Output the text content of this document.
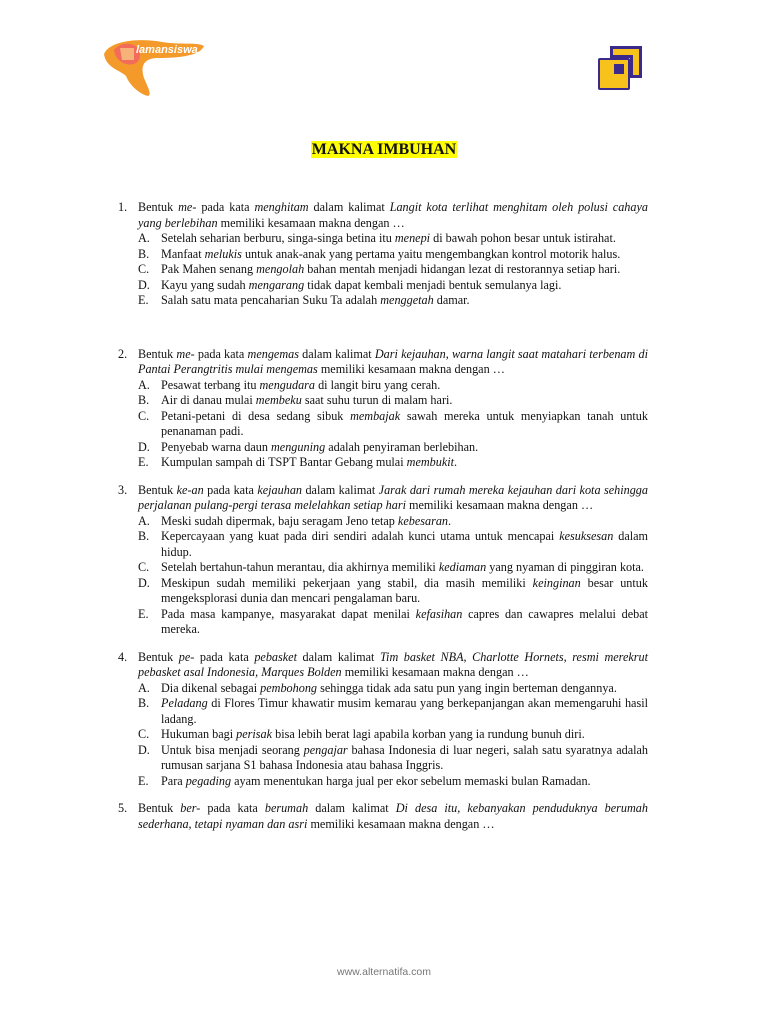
lamansiswa
MAKNA IMBUHAN
1. Bentuk me- pada kata menghitam dalam kalimat Langit kota terlihat menghitam oleh polusi cahaya yang berlebihan memiliki kesamaan makna dengan …

A. Setelah seharian berburu, singa-singa betina itu menepi di bawah pohon besar untuk istirahat.
B. Manfaat melukis untuk anak-anak yang pertama yaitu mengembangkan kontrol motorik halus.
C. Pak Mahen senang mengolah bahan mentah menjadi hidangan lezat di restorannya setiap hari.
D. Kayu yang sudah mengarang tidak dapat kembali menjadi bentuk semulanya lagi.
E. Salah satu mata pencaharian Suku Ta adalah menggetah damar.
2. Bentuk me- pada kata mengemas dalam kalimat Dari kejauhan, warna langit saat matahari terbenam di Pantai Perangtritis mulai mengemas memiliki kesamaan makna dengan …

A. Pesawat terbang itu mengudara di langit biru yang cerah.
B. Air di danau mulai membeku saat suhu turun di malam hari.
C. Petani-petani di desa sedang sibuk membajak sawah mereka untuk menyiapkan tanah untuk penanaman padi.
D. Penyebab warna daun menguning adalah penyiraman berlebihan.
E. Kumpulan sampah di TSPT Bantar Gebang mulai membukit.
3. Bentuk ke-an pada kata kejauhan dalam kalimat Jarak dari rumah mereka kejauhan dari kota sehingga perjalanan pulang-pergi terasa melelahkan setiap hari memiliki kesamaan makna dengan …

A. Meski sudah dipermak, baju seragam Jeno tetap kebesaran.
B. Kepercayaan yang kuat pada diri sendiri adalah kunci utama untuk mencapai kesuksesan dalam hidup.
C. Setelah bertahun-tahun merantau, dia akhirnya memiliki kediaman yang nyaman di pinggiran kota.
D. Meskipun sudah memiliki pekerjaan yang stabil, dia masih memiliki keinginan besar untuk mengeksplorasi dunia dan mencari pengalaman baru.
E. Pada masa kampanye, masyarakat dapat menilai kefasihan capres dan cawapres melalui debat mereka.
4. Bentuk pe- pada kata pebasket dalam kalimat Tim basket NBA, Charlotte Hornets, resmi merekrut pebasket asal Indonesia, Marques Bolden memiliki kesamaan makna dengan …

A. Dia dikenal sebagai pembohong sehingga tidak ada satu pun yang ingin berteman dengannya.
B. Peladang di Flores Timur khawatir musim kemarau yang berkepanjangan akan memengaruhi hasil ladang.
C. Hukuman bagi perisak bisa lebih berat lagi apabila korban yang ia rundung bunuh diri.
D. Untuk bisa menjadi seorang pengajar bahasa Indonesia di luar negeri, salah satu syaratnya adalah rumusan sarjana S1 bahasa Indonesia atau bahasa Inggris.
E. Para pegading ayam menentukan harga jual per ekor sebelum memaski bulan Ramadan.
5. Bentuk ber- pada kata berumah dalam kalimat Di desa itu, kebanyakan penduduknya berumah sederhana, tetapi nyaman dan asri memiliki kesamaan makna dengan …

www.alternatifa.com
